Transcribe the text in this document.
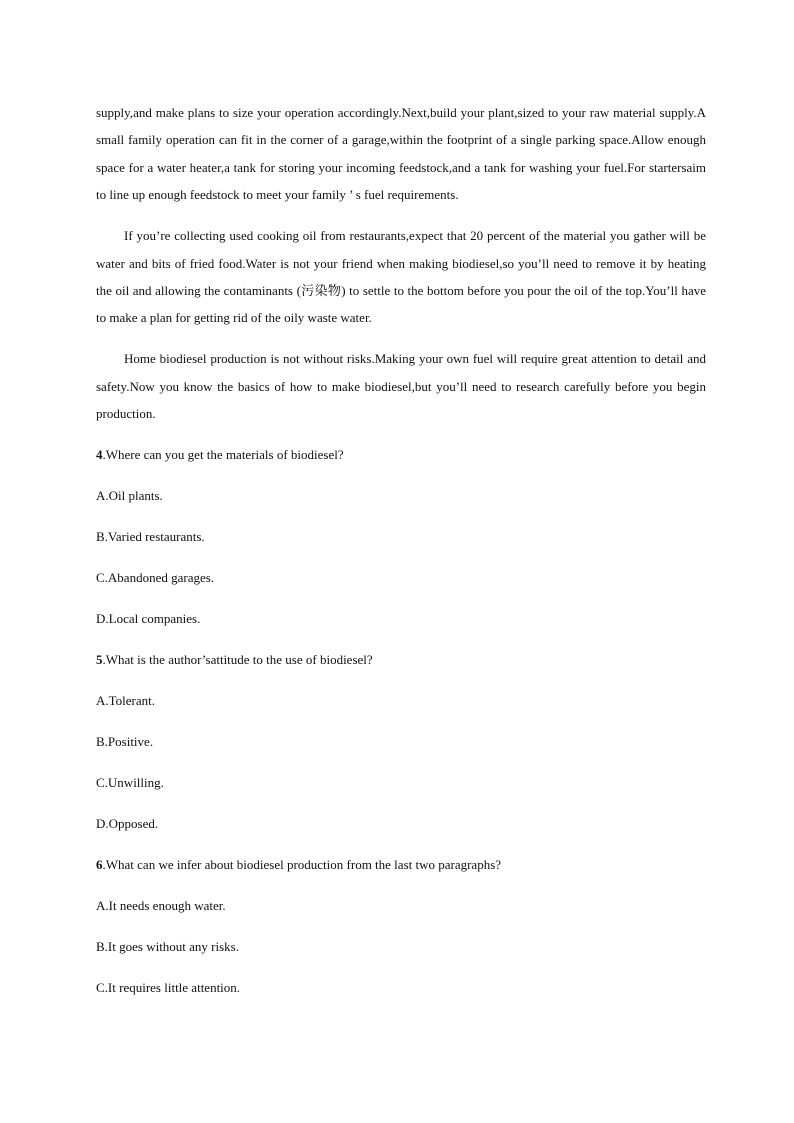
supply,and make plans to size your operation accordingly.Next,build your plant,sized to your raw material supply.A small family operation can fit in the corner of a garage,within the footprint of a single parking space.Allow enough space for a water heater,a tank for storing your incoming feedstock,and a tank for washing your fuel.For startersaim to line up enough feedstock to meet your family ’ s fuel requirements.

If you’re collecting used cooking oil from restaurants,expect that 20 percent of the material you gather will be water and bits of fried food.Water is not your friend when making biodiesel,so you’ll need to remove it by heating the oil and allowing the contaminants (污染物) to settle to the bottom before you pour the oil of the top.You’ll have to make a plan for getting rid of the oily waste water.

Home biodiesel production is not without risks.Making your own fuel will require great attention to detail and safety.Now you know the basics of how to make biodiesel,but you’ll need to research carefully before you begin production.

4.Where can you get the materials of biodiesel?

A.Oil plants.

B.Varied restaurants.

C.Abandoned garages.

D.Local companies.

5.What is the author’sattitude to the use of biodiesel?

A.Tolerant.

B.Positive.

C.Unwilling.

D.Opposed.

6.What can we infer about biodiesel production from the last two paragraphs?

A.It needs enough water.

B.It goes without any risks.

C.It requires little attention.
